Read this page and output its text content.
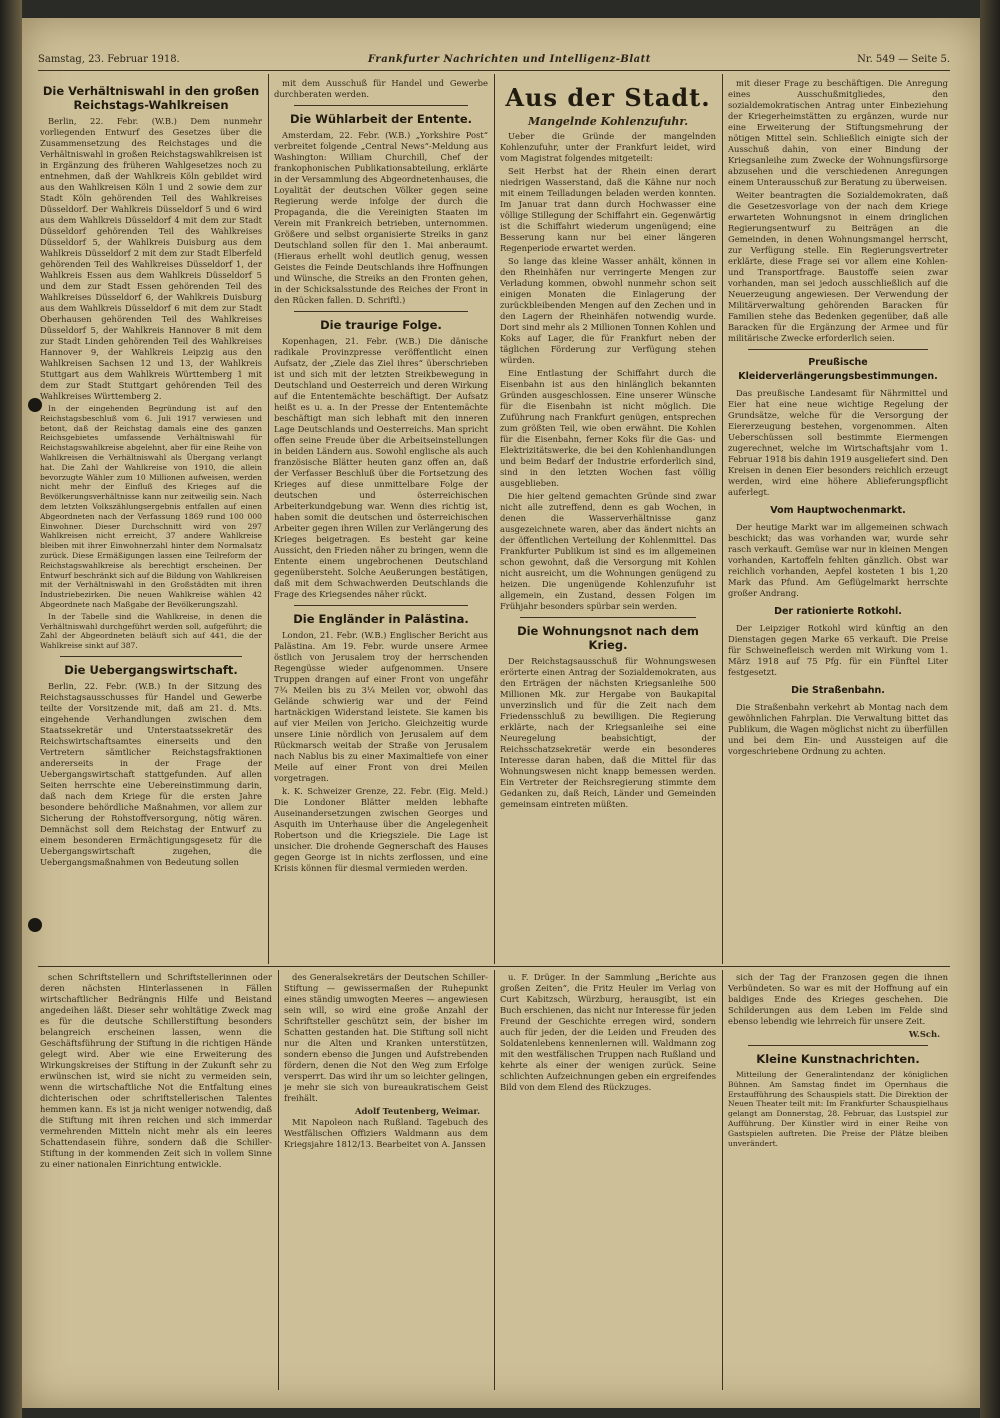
Samstag, 23. Februar 1918.	Frankfurter Nachrichten und Intelligenz-Blatt	Nr. 549 — Seite 5.
Die Verhältniswahl in den großen Reichstags-Wahlkreisen

Berlin, 22. Febr. (W.B.) Dem nunmehr vorliegenden Entwurf des Gesetzes über die Zusammensetzung des Reichstages und die Verhältniswahl in großen Reichstagswahlkreisen ist in Ergänzung des früheren Wahlgesetzes noch zu entnehmen, daß der Wahlkreis Köln gebildet wird aus den Wahlkreisen Köln 1 und 2 sowie dem zur Stadt Köln gehörenden Teil des Wahlkreises Düsseldorf. Der Wahlkreis Düsseldorf 5 und 6 wird aus dem Wahlkreis Düsseldorf 4 mit dem zur Stadt Düsseldorf gehörenden Teil des Wahlkreises Düsseldorf 5, der Wahlkreis Duisburg aus dem Wahlkreis Düsseldorf 2 mit dem zur Stadt Elberfeld gehörenden Teil des Wahlkreises Düsseldorf 1, der Wahlkreis Essen aus dem Wahlkreis Düsseldorf 5 und dem zur Stadt Essen gehörenden Teil des Wahlkreises Düsseldorf 6, der Wahlkreis Duisburg aus dem Wahlkreis Düsseldorf 6 mit dem zur Stadt Oberhausen gehörenden Teil des Wahlkreises Düsseldorf 5, der Wahlkreis Hannover 8 mit dem zur Stadt Linden gehörenden Teil des Wahlkreises Hannover 9, der Wahlkreis Leipzig aus den Wahlkreisen Sachsen 12 und 13, der Wahlkreis Stuttgart aus dem Wahlkreis Württemberg 1 mit dem zur Stadt Stuttgart gehörenden Teil des Wahlkreises Württemberg 2.

In der eingehenden Begründung ist auf den Reichstagsbeschluß vom 6. Juli 1917 verwiesen und betont, daß der Reichstag damals eine des ganzen Reichsgebietes umfassende Verhältniswahl für Reichstagswahlkreise abgelehnt, aber für eine Reihe von Wahlkreisen die Verhältniswahl als Übergang verlangt hat. Die Zahl der Wahlkreise von 1910, die allein bevorzugte Wähler zum 10 Millionen aufweisen, werden nicht mehr der Einfluß des Krieges auf die Bevölkerungsverhältnisse kann nur zeitweilig sein. Nach dem letzten Volkszählungsergebnis entfallen auf einen Abgeordneten nach der Verfassung 1869 rund 100 000 Einwohner. Dieser Durchschnitt wird von 297 Wahlkreisen nicht erreicht, 37 andere Wahlkreise bleiben mit ihrer Einwohnerzahl hinter dem Normalsatz zurück. Diese Ermäßigungen lassen eine Teilreform der Reichstagswahlkreise als berechtigt erscheinen. Der Entwurf beschränkt sich auf die Bildung von Wahlkreisen mit der Verhältniswahl in den Großstädten mit ihren Industriebezirken. Die neuen Wahlkreise wählen 42 Abgeordnete nach Maßgabe der Bevölkerungszahl.

In der Tabelle sind die Wahlkreise, in denen die Verhältniswahl durchgeführt werden soll, aufgeführt; die Zahl der Abgeordneten beläuft sich auf 441, die der Wahlkreise sinkt auf 387.

Die Uebergangswirtschaft.

Berlin, 22. Febr. (W.B.) In der Sitzung des Reichstagsausschusses für Handel und Gewerbe teilte der Vorsitzende mit, daß am 21. d. Mts. eingehende Verhandlungen zwischen dem Staatssekretär und Unterstaatssekretär des Reichswirtschaftsamtes einerseits und den Vertretern sämtlicher Reichstagsfraktionen andererseits in der Frage der Uebergangswirtschaft stattgefunden. Auf allen Seiten herrschte eine Uebereinstimmung darin, daß nach dem Kriege für die ersten Jahre besondere behördliche Maßnahmen, vor allem zur Sicherung der Rohstoffversorgung, nötig wären. Demnächst soll dem Reichstag der Entwurf zu einem besonderen Ermächtigungsgesetz für die Uebergangswirtschaft zugehen, die Uebergangsmaßnahmen von Bedeutung sollen

mit dem Ausschuß für Handel und Gewerbe durchberaten werden.

Die Wühlarbeit der Entente.

Amsterdam, 22. Febr. (W.B.) „Yorkshire Post“ verbreitet folgende „Central News“-Meldung aus Washington: William Churchill, Chef der frankophonischen Publikationsabteilung, erklärte in der Versammlung des Abgeordnetenhauses, die Loyalität der deutschen Völker gegen seine Regierung werde infolge der durch die Propaganda, die die Vereinigten Staaten im Verein mit Frankreich betrieben, unternommen. Größere und selbst organisierte Streiks in ganz Deutschland sollen für den 1. Mai anberaumt. (Hieraus erhellt wohl deutlich genug, wessen Geistes die Feinde Deutschlands ihre Hoffnungen und Wünsche, die Streiks an den Fronten gehen, in der Schicksalsstunde des Reiches der Front in den Rücken fallen. D. Schriftl.)

Die traurige Folge.

Kopenhagen, 21. Febr. (W.B.) Die dänische radikale Provinzpresse veröffentlicht einen Aufsatz, der „Ziele das Ziel ihres“ überschrieben ist und sich mit der letzten Streikbewegung in Deutschland und Oesterreich und deren Wirkung auf die Ententemächte beschäftigt. Der Aufsatz heißt es u. a. In der Presse der Ententemächte beschäftigt man sich lebhaft mit den inneren Lage Deutschlands und Oesterreichs. Man spricht offen seine Freude über die Arbeitseinstellungen in beiden Ländern aus. Sowohl englische als auch französische Blätter heuten ganz offen an, daß der Verfasser Beschluß über die Fortsetzung des Krieges auf diese unmittelbare Folge der deutschen und österreichischen Arbeiterkundgebung war. Wenn dies richtig ist, haben somit die deutschen und österreichischen Arbeiter gegen ihren Willen zur Verlängerung des Krieges beigetragen. Es besteht gar keine Aussicht, den Frieden näher zu bringen, wenn die Entente einem ungebrochenen Deutschland gegenübersteht. Solche Aeußerungen bestätigen, daß mit dem Schwachwerden Deutschlands die Frage des Kriegsendes näher rückt.

Die Engländer in Palästina.

London, 21. Febr. (W.B.) Englischer Bericht aus Palästina. Am 19. Febr. wurde unsere Armee östlich von Jerusalem troy der herrschenden Regengüsse wieder aufgenommen. Unsere Truppen drangen auf einer Front von ungefähr 7¾ Meilen bis zu 3¼ Meilen vor, obwohl das Gelände schwierig war und der Feind hartnäckigen Widerstand leistete. Sie kamen bis auf vier Meilen von Jericho. Gleichzeitig wurde unsere Linie nördlich von Jerusalem auf dem Rückmarsch weitab der Straße von Jerusalem nach Nablus bis zu einer Maximaltiefe von einer Meile auf einer Front von drei Meilen vorgetragen.

k. K. Schweizer Grenze, 22. Febr. (Eig. Meld.) Die Londoner Blätter melden lebhafte Auseinandersetzungen zwischen Georges und Asquith im Unterhause über die Angelegenheit Robertson und die Kriegsziele. Die Lage ist unsicher. Die drohende Gegnerschaft des Hauses gegen George ist in nichts zerflossen, und eine Krisis können für diesmal vermieden werden.

Aus der Stadt.
Mangelnde Kohlenzufuhr.

Ueber die Gründe der mangelnden Kohlenzufuhr, unter der Frankfurt leidet, wird vom Magistrat folgendes mitgeteilt:

Seit Herbst hat der Rhein einen derart niedrigen Wasserstand, daß die Kähne nur noch mit einem Teilladungen beladen werden konnten. Im Januar trat dann durch Hochwasser eine völlige Stillegung der Schiffahrt ein. Gegenwärtig ist die Schiffahrt wiederum ungenügend; eine Besserung kann nur bei einer längeren Regenperiode erwartet werden.

So lange das kleine Wasser anhält, können in den Rheinhäfen nur verringerte Mengen zur Verladung kommen, obwohl nunmehr schon seit einigen Monaten die Einlagerung der zurückbleibenden Mengen auf den Zechen und in den Lagern der Rheinhäfen notwendig wurde. Dort sind mehr als 2 Millionen Tonnen Kohlen und Koks auf Lager, die für Frankfurt neben der täglichen Förderung zur Verfügung stehen würden.

Eine Entlastung der Schiffahrt durch die Eisenbahn ist aus den hinlänglich bekannten Gründen ausgeschlossen. Eine unserer Wünsche für die Eisenbahn ist nicht möglich. Die Zuführung nach Frankfurt genügen, entsprechen zum größten Teil, wie oben erwähnt. Die Kohlen für die Eisenbahn, ferner Koks für die Gas- und Elektrizitätswerke, die bei den Kohlenhandlungen und beim Bedarf der Industrie erforderlich sind, sind in den letzten Wochen fast völlig ausgeblieben.

Die hier geltend gemachten Gründe sind zwar nicht alle zutreffend, denn es gab Wochen, in denen die Wasserverhältnisse ganz ausgezeichnete waren, aber das ändert nichts an der öffentlichen Verteilung der Kohlenmittel. Das Frankfurter Publikum ist sind es im allgemeinen schon gewohnt, daß die Versorgung mit Kohlen nicht ausreicht, um die Wohnungen genügend zu heizen. Die ungenügende Kohlenzufuhr ist allgemein, ein Zustand, dessen Folgen im Frühjahr besonders spürbar sein werden.

Die Wohnungsnot nach dem Krieg.

Der Reichstagsausschuß für Wohnungswesen erörterte einen Antrag der Sozialdemokraten, aus den Erträgen der nächsten Kriegsanleihe 500 Millionen Mk. zur Hergabe von Baukapital unverzinslich und für die Zeit nach dem Friedensschluß zu bewilligen. Die Regierung erklärte, nach der Kriegsanleihe sei eine Neuregelung beabsichtigt, der Reichsschatzsekretär werde ein besonderes Interesse daran haben, daß die Mittel für das Wohnungswesen nicht knapp bemessen werden. Ein Vertreter der Reichsregierung stimmte dem Gedanken zu, daß Reich, Länder und Gemeinden gemeinsam eintreten müßten.

mit dieser Frage zu beschäftigen. Die Anregung eines Ausschußmitgliedes, den sozialdemokratischen Antrag unter Einbeziehung der Kriegerheimstätten zu ergänzen, wurde nur eine Erweiterung der Stiftungsmehrung der nötigen Mittel sein. Schließlich einigte sich der Ausschuß dahin, von einer Bindung der Kriegsanleihe zum Zwecke der Wohnungsfürsorge abzusehen und die verschiedenen Anregungen einem Unterausschuß zur Beratung zu überweisen.

Weiter beantragten die Sozialdemokraten, daß die Gesetzesvorlage von der nach dem Kriege erwarteten Wohnungsnot in einem dringlichen Regierungsentwurf zu Beiträgen an die Gemeinden, in denen Wohnungsmangel herrscht, zur Verfügung stelle. Ein Regierungsvertreter erklärte, diese Frage sei vor allem eine Kohlen- und Transportfrage. Baustoffe seien zwar vorhanden, man sei jedoch ausschließlich auf die Neuerzeugung angewiesen. Der Verwendung der Militärverwaltung gehörenden Baracken für Familien stehe das Bedenken gegenüber, daß alle Baracken für die Ergänzung der Armee und für militärische Zwecke erforderlich seien.

Preußische Kleiderverlängerungsbestimmungen.

Das preußische Landesamt für Nährmittel und Eier hat eine neue wichtige Regelung der Grundsätze, welche für die Versorgung der Eiererzeugung bestehen, vorgenommen. Alten Ueberschüssen soll bestimmte Eiermengen zugerechnet, welche im Wirtschaftsjahr vom 1. Februar 1918 bis dahin 1919 ausgeliefert sind. Den Kreisen in denen Eier besonders reichlich erzeugt werden, wird eine höhere Ablieferungspflicht auferlegt.

Vom Hauptwochenmarkt.

Der heutige Markt war im allgemeinen schwach beschickt; das was vorhanden war, wurde sehr rasch verkauft. Gemüse war nur in kleinen Mengen vorhanden, Kartoffeln fehlten gänzlich. Obst war reichlich vorhanden, Aepfel kosteten 1 bis 1,20 Mark das Pfund. Am Geflügelmarkt herrschte großer Andrang.

Der rationierte Rotkohl.

Der Leipziger Rotkohl wird künftig an den Dienstagen gegen Marke 65 verkauft. Die Preise für Schweinefleisch werden mit Wirkung vom 1. März 1918 auf 75 Pfg. für ein Fünftel Liter festgesetzt.

Die Straßenbahn.

Die Straßenbahn verkehrt ab Montag nach dem gewöhnlichen Fahrplan. Die Verwaltung bittet das Publikum, die Wagen möglichst nicht zu überfüllen und bei dem Ein- und Aussteigen auf die vorgeschriebene Ordnung zu achten.

schen Schriftstellern und Schriftstellerinnen oder deren nächsten Hinterlassenen in Fällen wirtschaftlicher Bedrängnis Hilfe und Beistand angedeihen läßt. Dieser sehr wohltätige Zweck mag es für die deutsche Schillerstiftung besonders belangreich erscheinen lassen, wenn die Geschäftsführung der Stiftung in die richtigen Hände gelegt wird. Aber wie eine Erweiterung des Wirkungskreises der Stiftung in der Zukunft sehr zu erwünschen ist, wird sie nicht zu vermeiden sein, wenn die wirtschaftliche Not die Entfaltung eines dichterischen oder schriftstellerischen Talentes hemmen kann. Es ist ja nicht weniger notwendig, daß die Stiftung mit ihren reichen und sich immerdar vermehrenden Mitteln nicht mehr als ein leeres Schattendasein führe, sondern daß die Schiller-Stiftung in der kommenden Zeit sich in vollem Sinne zu einer nationalen Einrichtung entwickle.

des Generalsekretärs der Deutschen Schiller-Stiftung — gewissermaßen der Ruhepunkt eines ständig umwogten Meeres — angewiesen sein will, so wird eine große Anzahl der Schriftsteller geschützt sein, der bisher im Schatten gestanden hat. Die Stiftung soll nicht nur die Alten und Kranken unterstützen, sondern ebenso die Jungen und Aufstrebenden fördern, denen die Not den Weg zum Erfolge versperrt. Das wird ihr um so leichter gelingen, je mehr sie sich von bureaukratischem Geist freihält.

Adolf Teutenberg, Weimar.

Mit Napoleon nach Rußland. Tagebuch des Westfälischen Offiziers Waldmann aus dem Kriegsjahre 1812/13. Bearbeitet von A. Janssen

u. F. Drüger. In der Sammlung „Berichte aus großen Zeiten“, die Fritz Heuler im Verlag von Curt Kabitzsch, Würzburg, herausgibt, ist ein Buch erschienen, das nicht nur Interesse für jeden Freund der Geschichte erregen wird, sondern auch für jeden, der die Leiden und Freuden des Soldatenlebens kennenlernen will. Waldmann zog mit den westfälischen Truppen nach Rußland und kehrte als einer der wenigen zurück. Seine schlichten Aufzeichnungen geben ein ergreifendes Bild von dem Elend des Rückzuges.

sich der Tag der Franzosen gegen die ihnen Verbündeten. So war es mit der Hoffnung auf ein baldiges Ende des Krieges geschehen. Die Schilderungen aus dem Leben im Felde sind ebenso lebendig wie lehrreich für unsere Zeit.

W.Sch.
Kleine Kunstnachrichten.

Mitteilung der Generalintendanz der königlichen Bühnen. Am Samstag findet im Opernhaus die Erstaufführung des Schauspiels statt. Die Direktion der Neuen Theater teilt mit: Im Frankfurter Schauspielhaus gelangt am Donnerstag, 28. Februar, das Lustspiel zur Aufführung. Der Künstler wird in einer Reihe von Gastspielen auftreten. Die Preise der Plätze bleiben unverändert.
